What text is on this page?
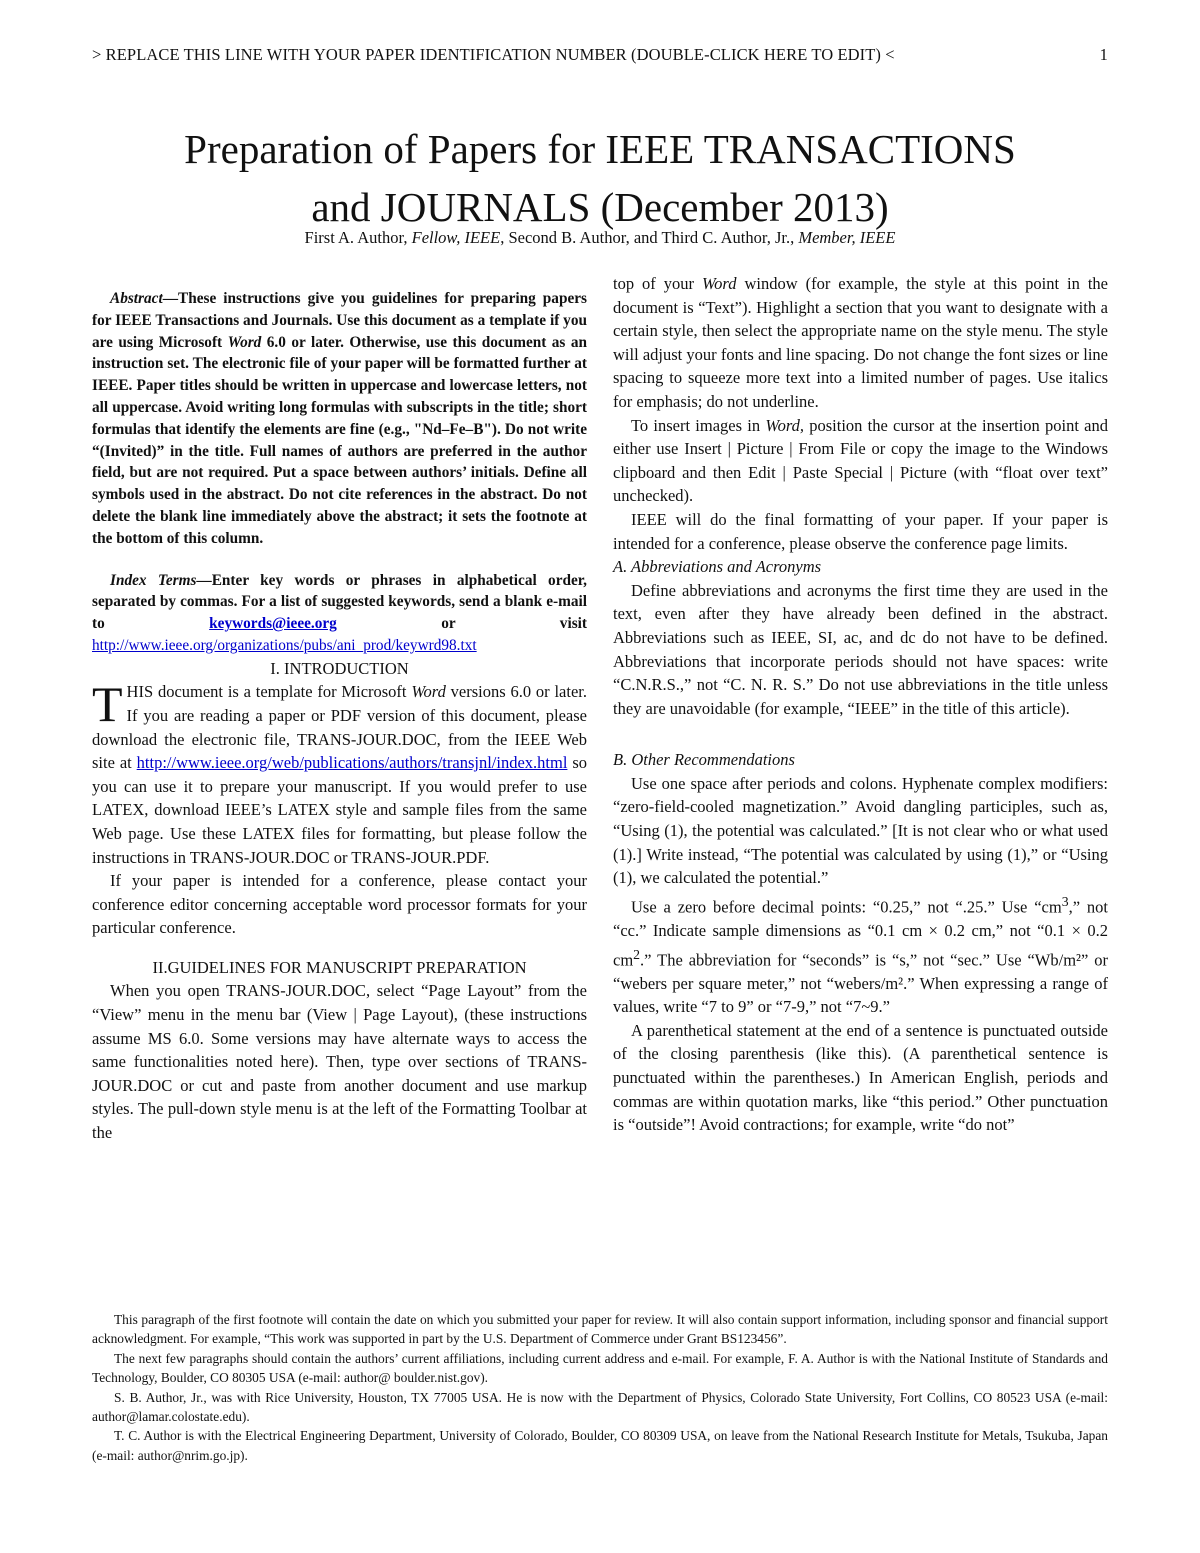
> REPLACE THIS LINE WITH YOUR PAPER IDENTIFICATION NUMBER (DOUBLE-CLICK HERE TO EDIT) <	1
Preparation of Papers for IEEE TRANSACTIONS
and JOURNALS (December 2013)
First A. Author, Fellow, IEEE, Second B. Author, and Third C. Author, Jr., Member, IEEE

Abstract—These instructions give you guidelines for preparing papers for IEEE Transactions and Journals. Use this document as a template if you are using Microsoft Word 6.0 or later. Otherwise, use this document as an instruction set. The electronic file of your paper will be formatted further at IEEE. Paper titles should be written in uppercase and lowercase letters, not all uppercase. Avoid writing long formulas with subscripts in the title; short formulas that identify the elements are fine (e.g., "Nd–Fe–B"). Do not write “(Invited)” in the title. Full names of authors are preferred in the author field, but are not required. Put a space between authors’ initials. Define all symbols used in the abstract. Do not cite references in the abstract. Do not delete the blank line immediately above the abstract; it sets the footnote at the bottom of this column.

Index Terms—Enter key words or phrases in alphabetical order, separated by commas. For a list of suggested keywords, send a blank e-mail to keywords@ieee.org or visit http://www.ieee.org/organizations/pubs/ani_prod/keywrd98.txt

I. INTRODUCTION

THIS document is a template for Microsoft Word versions 6.0 or later. If you are reading a paper or PDF version of this document, please download the electronic file, TRANS-JOUR.DOC, from the IEEE Web site at http://www.ieee.org/web/publications/authors/transjnl/index.html so you can use it to prepare your manuscript. If you would prefer to use LATEX, download IEEE’s LATEX style and sample files from the same Web page. Use these LATEX files for formatting, but please follow the instructions in TRANS-JOUR.DOC or TRANS-JOUR.PDF.

If your paper is intended for a conference, please contact your conference editor concerning acceptable word processor formats for your particular conference.

II.GUIDELINES FOR MANUSCRIPT PREPARATION

When you open TRANS-JOUR.DOC, select “Page Layout” from the “View” menu in the menu bar (View | Page Layout), (these instructions assume MS 6.0. Some versions may have alternate ways to access the same functionalities noted here). Then, type over sections of TRANS-JOUR.DOC or cut and paste from another document and use markup styles. The pull-down style menu is at the left of the Formatting Toolbar at the

top of your Word window (for example, the style at this point in the document is “Text”). Highlight a section that you want to designate with a certain style, then select the appropriate name on the style menu. The style will adjust your fonts and line spacing. Do not change the font sizes or line spacing to squeeze more text into a limited number of pages. Use italics for emphasis; do not underline.

To insert images in Word, position the cursor at the insertion point and either use Insert | Picture | From File or copy the image to the Windows clipboard and then Edit | Paste Special | Picture (with “float over text” unchecked).

IEEE will do the final formatting of your paper. If your paper is intended for a conference, please observe the conference page limits.

A. Abbreviations and Acronyms

Define abbreviations and acronyms the first time they are used in the text, even after they have already been defined in the abstract. Abbreviations such as IEEE, SI, ac, and dc do not have to be defined. Abbreviations that incorporate periods should not have spaces: write “C.N.R.S.,” not “C. N. R. S.” Do not use abbreviations in the title unless they are unavoidable (for example, “IEEE” in the title of this article).

B. Other Recommendations

Use one space after periods and colons. Hyphenate complex modifiers: “zero-field-cooled magnetization.” Avoid dangling participles, such as, “Using (1), the potential was calculated.” [It is not clear who or what used (1).] Write instead, “The potential was calculated by using (1),” or “Using (1), we calculated the potential.”

Use a zero before decimal points: “0.25,” not “.25.” Use “$cm^3$,” not “cc.” Indicate sample dimensions as “0.1 cm × 0.2 cm,” not “0.1 × 0.2 $cm^2$.” The abbreviation for “seconds” is “s,” not “sec.” Use “Wb/m²” or “webers per square meter,” not “webers/m².” When expressing a range of values, write “7 to 9” or “7-9,” not “7~9.”

A parenthetical statement at the end of a sentence is punctuated outside of the closing parenthesis (like this). (A parenthetical sentence is punctuated within the parentheses.) In American English, periods and commas are within quotation marks, like “this period.” Other punctuation is “outside”! Avoid contractions; for example, write “do not”

This paragraph of the first footnote will contain the date on which you submitted your paper for review. It will also contain support information, including sponsor and financial support acknowledgment. For example, “This work was supported in part by the U.S. Department of Commerce under Grant BS123456”.

The next few paragraphs should contain the authors’ current affiliations, including current address and e-mail. For example, F. A. Author is with the National Institute of Standards and Technology, Boulder, CO 80305 USA (e-mail: author@ boulder.nist.gov).

S. B. Author, Jr., was with Rice University, Houston, TX 77005 USA. He is now with the Department of Physics, Colorado State University, Fort Collins, CO 80523 USA (e-mail: author@lamar.colostate.edu).

T. C. Author is with the Electrical Engineering Department, University of Colorado, Boulder, CO 80309 USA, on leave from the National Research Institute for Metals, Tsukuba, Japan (e-mail: author@nrim.go.jp).
